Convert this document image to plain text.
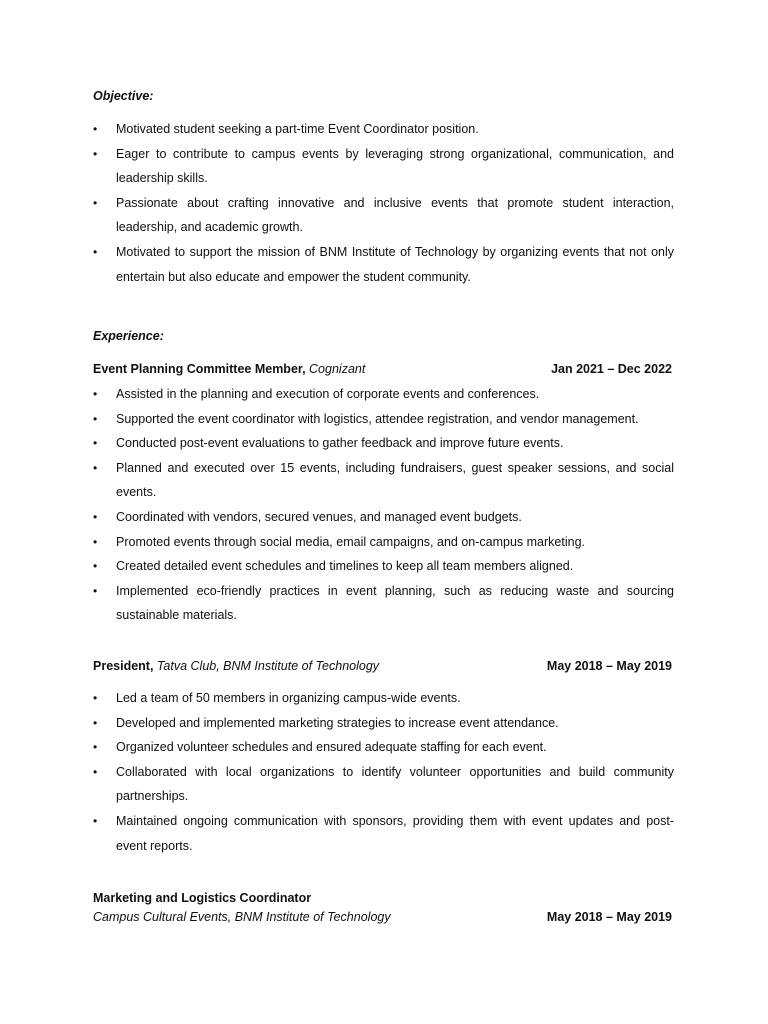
Objective:
• Motivated student seeking a part-time Event Coordinator position.
• Eager to contribute to campus events by leveraging strong organizational, communication, and leadership skills.
• Passionate about crafting innovative and inclusive events that promote student interaction, leadership, and academic growth.
• Motivated to support the mission of BNM Institute of Technology by organizing events that not only entertain but also educate and empower the student community.
Experience:
Event Planning Committee Member, Cognizant	Jan 2021 – Dec 2022
• Assisted in the planning and execution of corporate events and conferences.
• Supported the event coordinator with logistics, attendee registration, and vendor management.
• Conducted post-event evaluations to gather feedback and improve future events.
• Planned and executed over 15 events, including fundraisers, guest speaker sessions, and social events.
• Coordinated with vendors, secured venues, and managed event budgets.
• Promoted events through social media, email campaigns, and on-campus marketing.
• Created detailed event schedules and timelines to keep all team members aligned.
• Implemented eco-friendly practices in event planning, such as reducing waste and sourcing sustainable materials.
President, Tatva Club, BNM Institute of Technology	May 2018 – May 2019
• Led a team of 50 members in organizing campus-wide events.
• Developed and implemented marketing strategies to increase event attendance.
• Organized volunteer schedules and ensured adequate staffing for each event.
• Collaborated with local organizations to identify volunteer opportunities and build community partnerships.
• Maintained ongoing communication with sponsors, providing them with event updates and post-event reports.
Marketing and Logistics Coordinator
Campus Cultural Events, BNM Institute of Technology	May 2018 – May 2019
